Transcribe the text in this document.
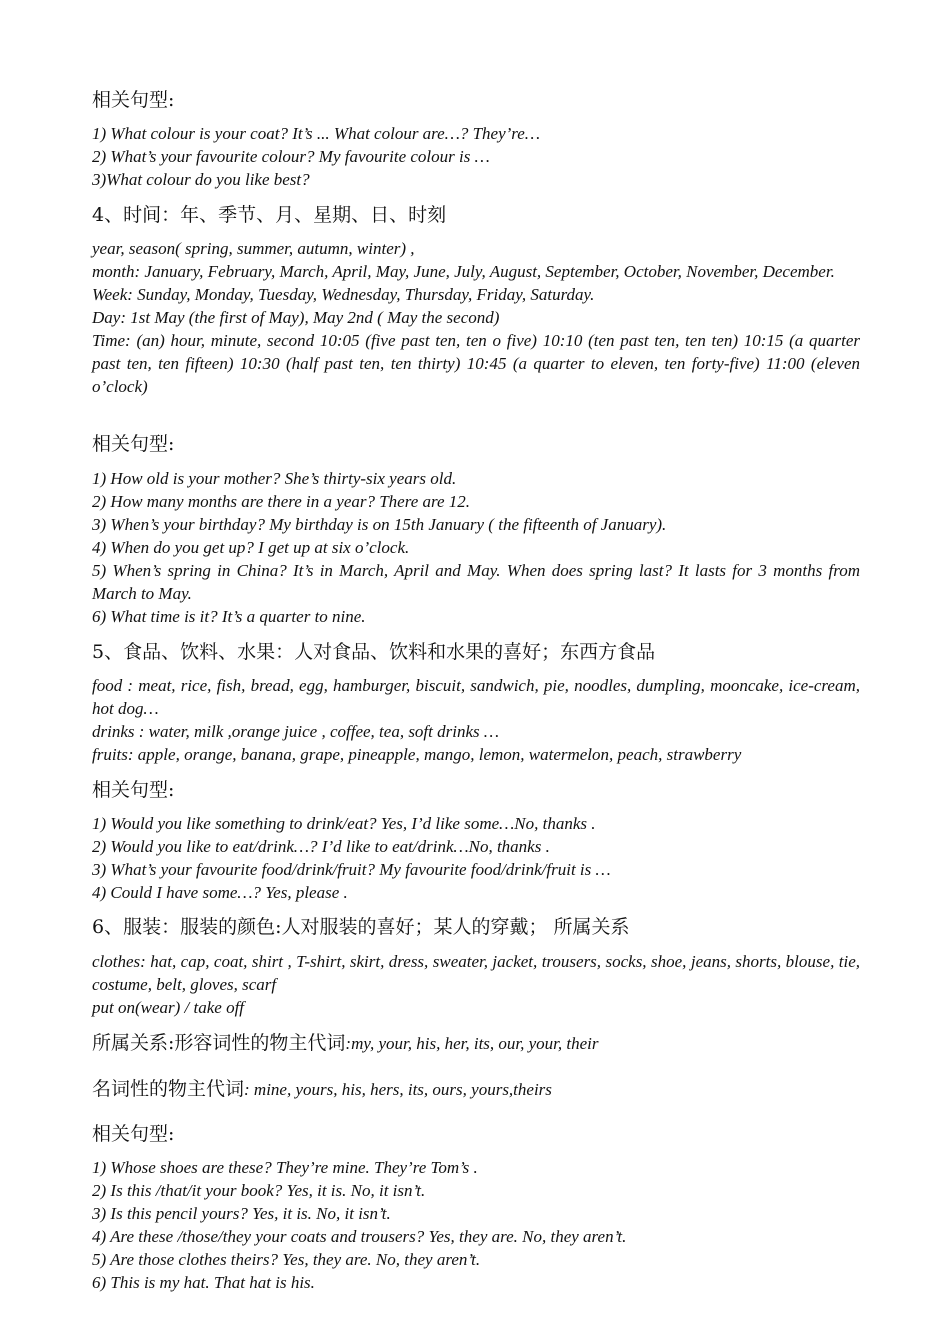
相关句型:
1) What colour is your coat? It’s ... What colour are…? They’re…
2) What’s your favourite colour? My favourite colour is …
3)What colour do you like best?
4、时间：年、季节、月、星期、日、时刻
year, season( spring, summer, autumn, winter) ,
month: January, February, March, April, May, June, July, August, September, October, November, December.
Week: Sunday, Monday, Tuesday, Wednesday, Thursday, Friday, Saturday.
Day: 1st May (the first of May), May 2nd ( May the second)
Time: (an) hour, minute, second 10:05 (five past ten, ten o five) 10:10 (ten past ten, ten ten) 10:15 (a quarter past ten, ten fifteen) 10:30 (half past ten, ten thirty) 10:45 (a quarter to eleven, ten forty-five) 11:00 (eleven o’clock)
相关句型:
1) How old is your mother? She’s thirty-six years old.
2) How many months are there in a year? There are 12.
3) When’s your birthday? My birthday is on 15th January ( the fifteenth of January).
4) When do you get up? I get up at six o’clock.
5) When’s spring in China? It’s in March, April and May. When does spring last? It lasts for 3 months from March to May.
6) What time is it? It’s a quarter to nine.
5、食品、饮料、水果：人对食品、饮料和水果的喜好；东西方食品
food : meat, rice, fish, bread, egg, hamburger, biscuit, sandwich, pie, noodles, dumpling, mooncake, ice-cream, hot dog…
drinks : water, milk ,orange juice , coffee, tea, soft drinks …
fruits: apple, orange, banana, grape, pineapple, mango, lemon, watermelon, peach, strawberry
相关句型:
1) Would you like something to drink/eat? Yes, I’d like some…No, thanks .
2) Would you like to eat/drink…? I’d like to eat/drink…No, thanks .
3) What’s your favourite food/drink/fruit? My favourite food/drink/fruit is …
4) Could I have some…? Yes, please .
6、服装：服装的颜色:人对服装的喜好；某人的穿戴； 所属关系
clothes: hat, cap, coat, shirt , T-shirt, skirt, dress, sweater, jacket, trousers, socks, shoe, jeans, shorts, blouse, tie, costume, belt, gloves, scarf
put on(wear) / take off
所属关系:形容词性的物主代词:my, your, his, her, its, our, your, their
名词性的物主代词: mine, yours, his, hers, its, ours, yours,theirs
相关句型:
1) Whose shoes are these? They’re mine. They’re Tom’s .
2) Is this /that/it your book? Yes, it is. No, it isn’t.
3) Is this pencil yours? Yes, it is. No, it isn’t.
4) Are these /those/they your coats and trousers? Yes, they are. No, they aren’t.
5) Are those clothes theirs? Yes, they are. No, they aren’t.
6) This is my hat. That hat is his.
